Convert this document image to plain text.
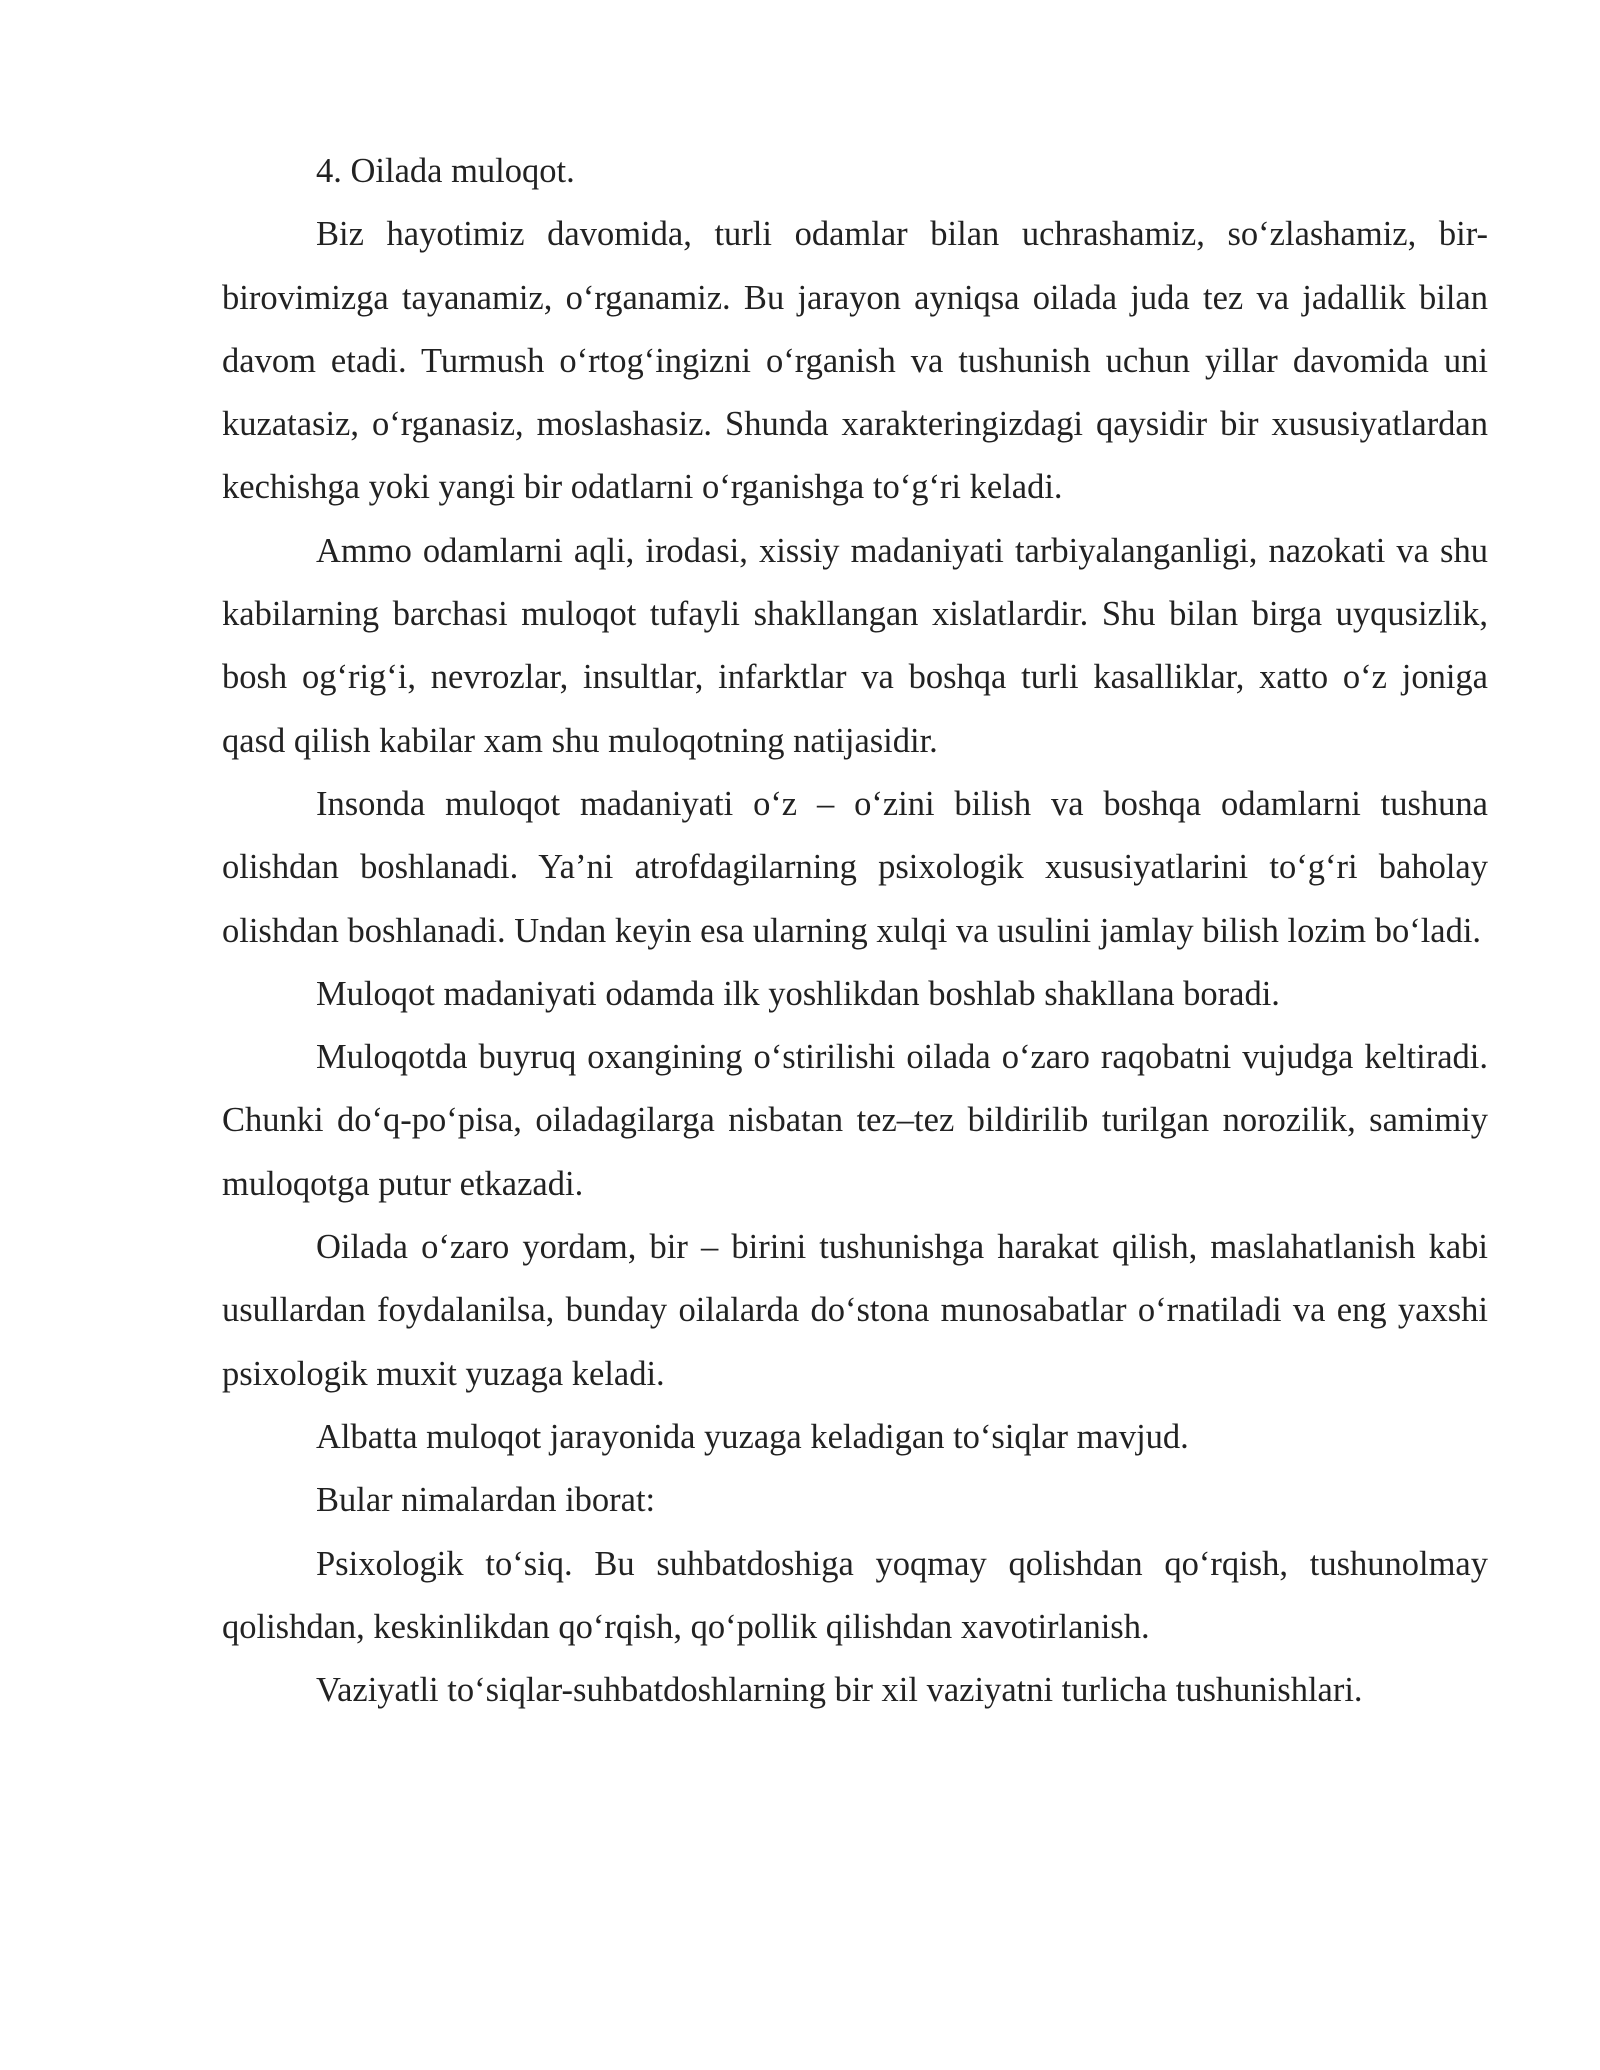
4. Oilada muloqot.

Biz hayotimiz davomida, turli odamlar bilan uchrashamiz, so‘zlashamiz, bir-birovimizga tayanamiz, o‘rganamiz. Bu jarayon ayniqsa oilada juda tez va jadallik bilan davom etadi. Turmush o‘rtog‘ingizni o‘rganish va tushunish uchun yillar davomida uni kuzatasiz, o‘rganasiz, moslashasiz. Shunda xarakteringizdagi qaysidir bir xususiyatlardan kechishga yoki yangi bir odatlarni o‘rganishga to‘g‘ri keladi.

Ammo odamlarni aqli, irodasi, xissiy madaniyati tarbiyalanganligi, nazokati va shu kabilarning barchasi muloqot tufayli shakllangan xislatlardir. Shu bilan birga uyqusizlik, bosh og‘rig‘i, nevrozlar, insultlar, infarktlar va boshqa turli kasalliklar, xatto o‘z joniga qasd qilish kabilar xam shu muloqotning natijasidir.

Insonda muloqot madaniyati o‘z – o‘zini bilish va boshqa odamlarni tushuna olishdan boshlanadi. Ya’ni atrofdagilarning psixologik xususiyatlarini to‘g‘ri baholay olishdan boshlanadi. Undan keyin esa ularning xulqi va usulini jamlay bilish lozim bo‘ladi.

Muloqot madaniyati odamda ilk yoshlikdan boshlab shakllana boradi.

Muloqotda buyruq oxangining o‘stirilishi oilada o‘zaro raqobatni vujudga keltiradi. Chunki do‘q-po‘pisa, oiladagilarga nisbatan tez–tez bildirilib turilgan norozilik, samimiy muloqotga putur etkazadi.

Oilada o‘zaro yordam, bir – birini tushunishga harakat qilish, maslahatlanish kabi usullardan foydalanilsa, bunday oilalarda do‘stona munosabatlar o‘rnatiladi va eng yaxshi psixologik muxit yuzaga keladi.

Albatta muloqot jarayonida yuzaga keladigan to‘siqlar mavjud.

Bular nimalardan iborat:

Psixologik to‘siq. Bu suhbatdoshiga yoqmay qolishdan qo‘rqish, tushunolmay qolishdan, keskinlikdan qo‘rqish, qo‘pollik qilishdan xavotirlanish.

Vaziyatli to‘siqlar-suhbatdoshlarning bir xil vaziyatni turlicha tushunishlari.
